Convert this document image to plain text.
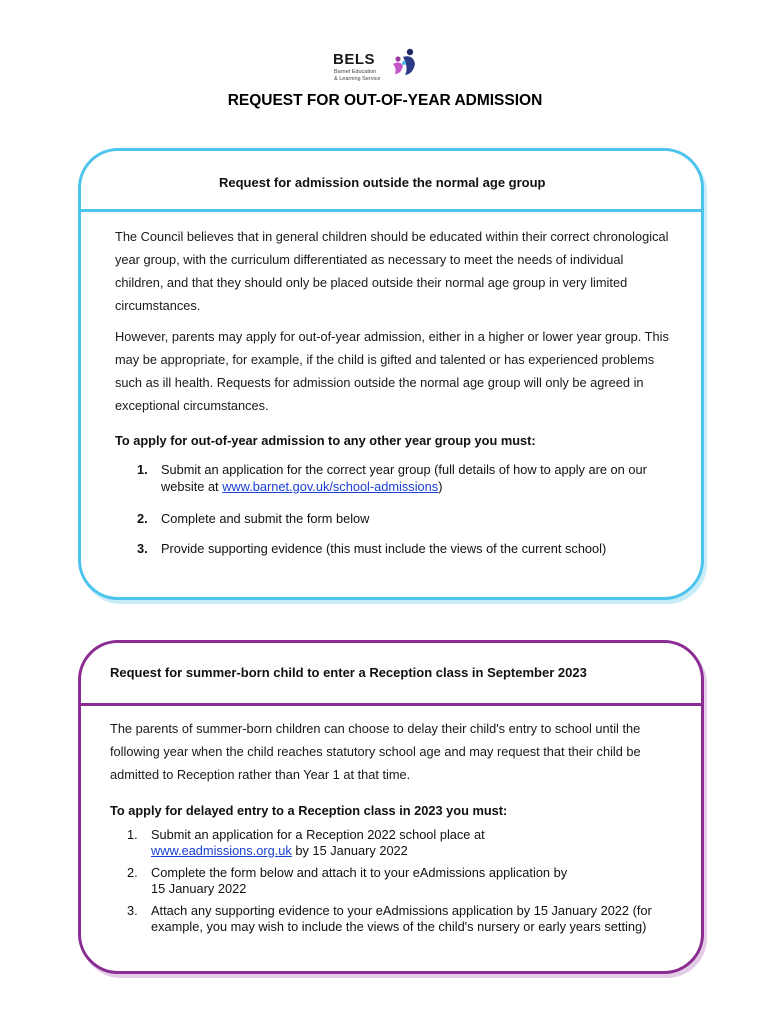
BELS
Barnet Education
& Learning Service
REQUEST FOR OUT-OF-YEAR ADMISSION
Request for admission outside the normal age group
The Council believes that in general children should be educated within their correct chronological year group, with the curriculum differentiated as necessary to meet the needs of individual children, and that they should only be placed outside their normal age group in very limited circumstances.
However, parents may apply for out-of-year admission, either in a higher or lower year group. This may be appropriate, for example, if the child is gifted and talented or has experienced problems such as ill health. Requests for admission outside the normal age group will only be agreed in exceptional circumstances.
To apply for out-of-year admission to any other year group you must:
1. Submit an application for the correct year group (full details of how to apply are on our website at www.barnet.gov.uk/school-admissions)
2. Complete and submit the form below
3. Provide supporting evidence (this must include the views of the current school)
Request for summer-born child to enter a Reception class in September 2023
The parents of summer-born children can choose to delay their child's entry to school until the following year when the child reaches statutory school age and may request that their child be admitted to Reception rather than Year 1 at that time.
To apply for delayed entry to a Reception class in 2023 you must:
1. Submit an application for a Reception 2022 school place at
www.eadmissions.org.uk by 15 January 2022
2. Complete the form below and attach it to your eAdmissions application by
15 January 2022
3. Attach any supporting evidence to your eAdmissions application by 15 January 2022 (for example, you may wish to include the views of the child's nursery or early years setting)
